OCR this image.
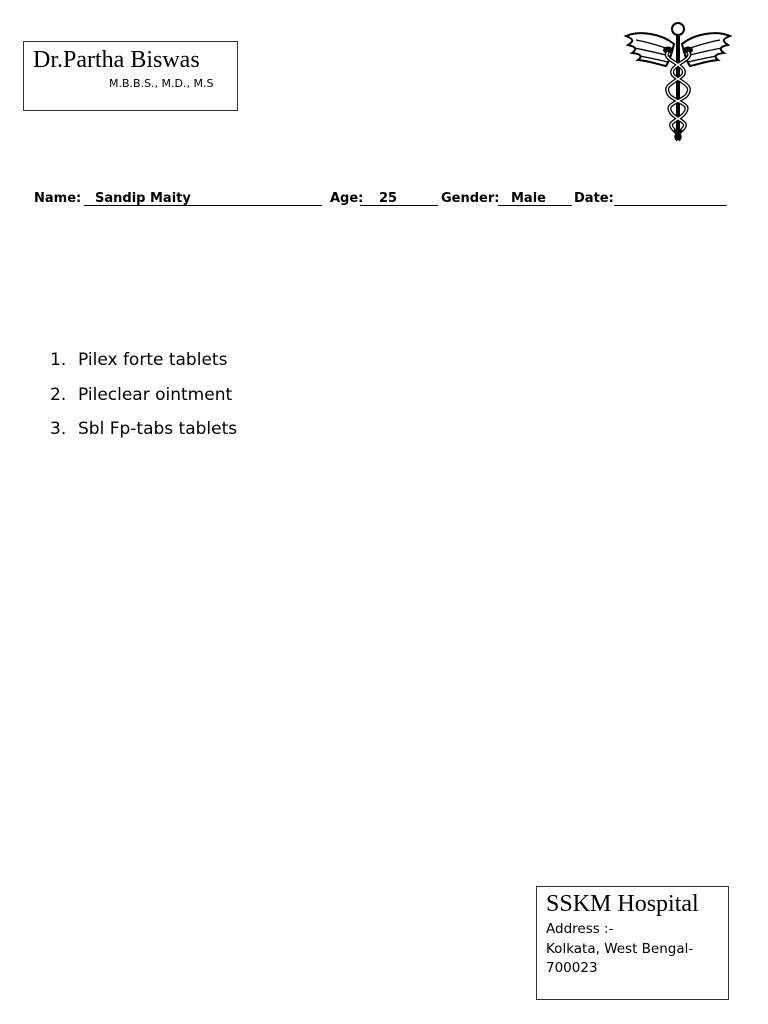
Dr.Partha Biswas
M.B.B.S., M.D., M.S
Name: Sandip Maity	Age: 25	Gender: Male Date:
1. Pilex forte tablets
2. Pileclear ointment
3. Sbl Fp-tabs tablets
SSKM Hospital
Address :-
Kolkata, West Bengal-
700023
